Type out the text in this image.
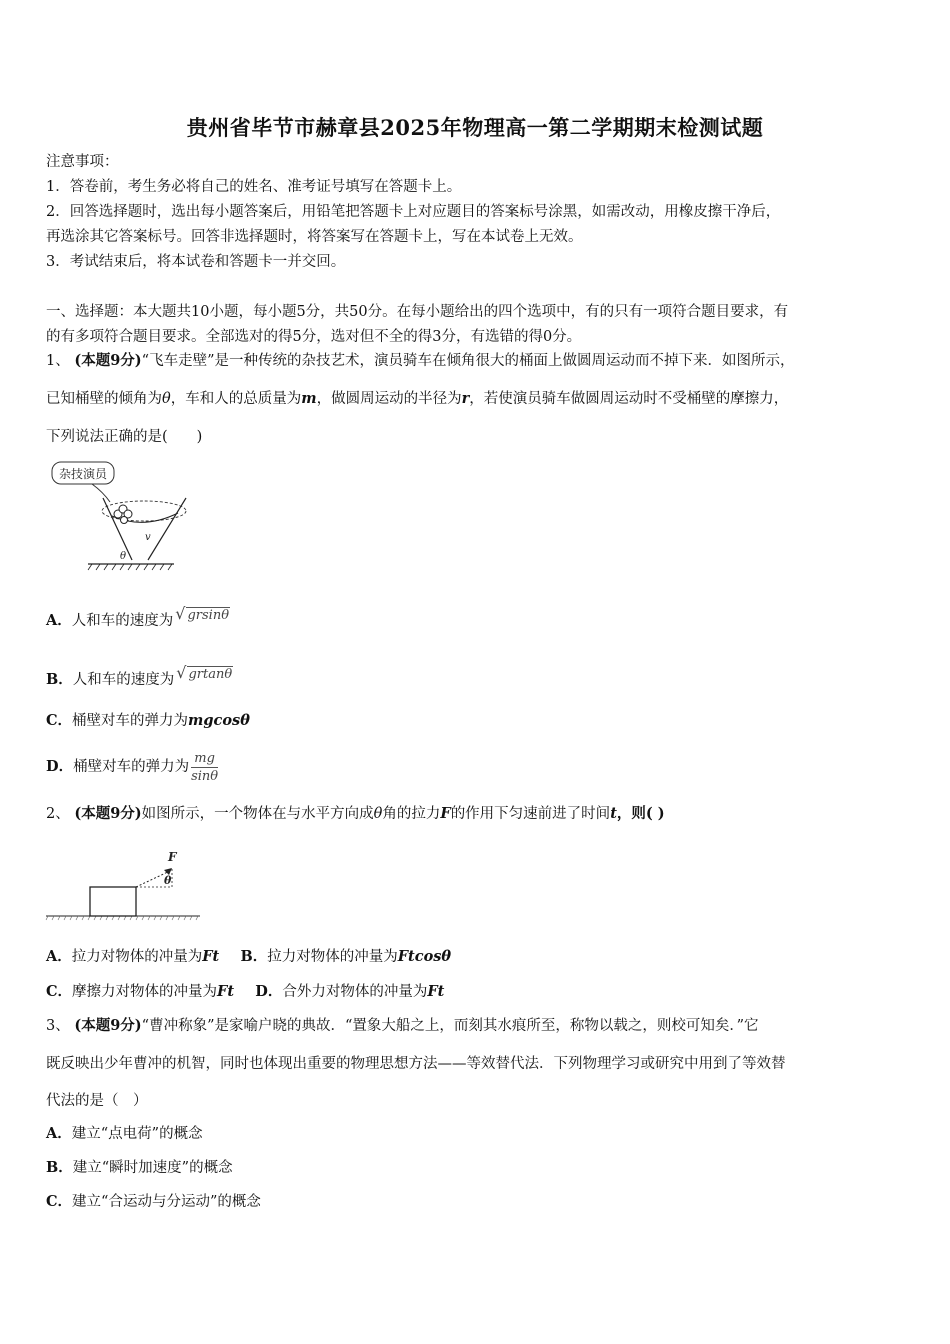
贵州省毕节市赫章县2025年物理高一第二学期期末检测试题
注意事项：
1．答卷前，考生务必将自己的姓名、准考证号填写在答题卡上。
2．回答选择题时，选出每小题答案后，用铅笔把答题卡上对应题目的答案标号涂黑，如需改动，用橡皮擦干净后，
再选涂其它答案标号。回答非选择题时，将答案写在答题卡上，写在本试卷上无效。
3．考试结束后，将本试卷和答题卡一并交回。
一、选择题：本大题共10小题，每小题5分，共50分。在每小题给出的四个选项中，有的只有一项符合题目要求，有
的有多项符合题目要求。全部选对的得5分，选对但不全的得3分，有选错的得0分。
1、 (本题9分)“飞车走壁”是一种传统的杂技艺术，演员骑车在倾角很大的桶面上做圆周运动而不掉下来．如图所示，
已知桶壁的倾角为θ，车和人的总质量为m，做圆周运动的半径为r，若使演员骑车做圆周运动时不受桶壁的摩擦力，
下列说法正确的是(　　)
杂技演员
v
θ
A．人和车的速度为 √ grsinθ
B．人和车的速度为 √ grtanθ
C．桶壁对车的弹力为mgcosθ
D．桶壁对车的弹力为 $\frac{mg}{\sin\theta}$
2、 (本题9分)如图所示，一个物体在与水平方向成θ角的拉力F的作用下匀速前进了时间t，则( )
F
θ
A．拉力对物体的冲量为Ft B．拉力对物体的冲量为Ftcosθ
C．摩擦力对物体的冲量为Ft D．合外力对物体的冲量为Ft
3、 (本题9分)“曹冲称象”是家喻户晓的典故．“置象大船之上，而刻其水痕所至，称物以载之，则校可知矣．”它
既反映出少年曹冲的机智，同时也体现出重要的物理思想方法——等效替代法．下列物理学习或研究中用到了等效替
代法的是（　）
A．建立“点电荷”的概念
B．建立“瞬时加速度”的概念
C．建立“合运动与分运动”的概念
